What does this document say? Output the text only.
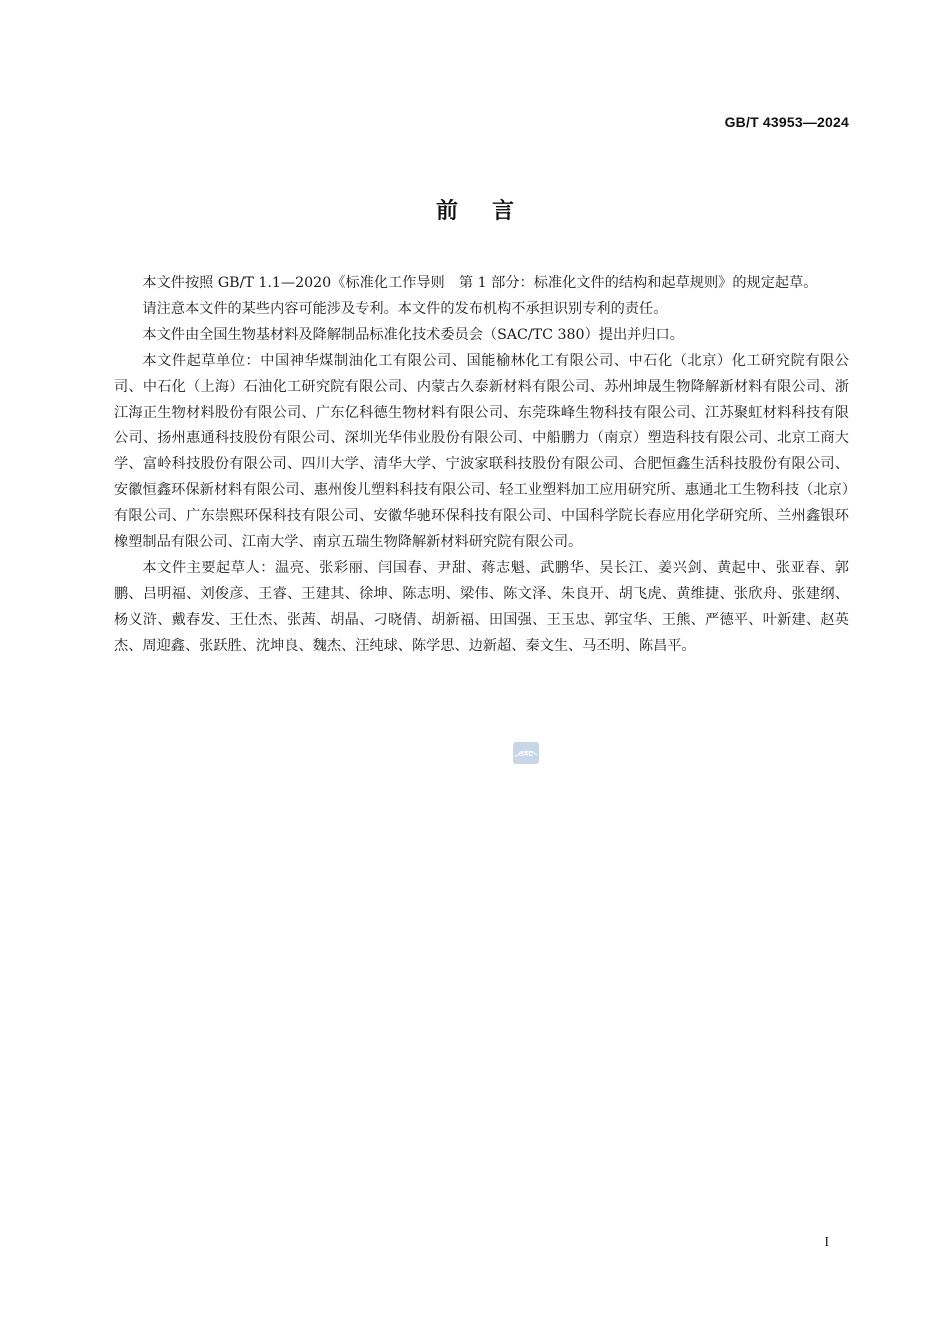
GB/T 43953—2024
前言

本文件按照 GB/T 1.1—2020《标准化工作导则　第 1 部分：标准化文件的结构和起草规则》的规定起草。

请注意本文件的某些内容可能涉及专利。本文件的发布机构不承担识别专利的责任。

本文件由全国生物基材料及降解制品标准化技术委员会（SAC/TC 380）提出并归口。

本文件起草单位：中国神华煤制油化工有限公司、国能榆林化工有限公司、中石化（北京）化工研究院有限公司、中石化（上海）石油化工研究院有限公司、内蒙古久泰新材料有限公司、苏州坤晟生物降解新材料有限公司、浙江海正生物材料股份有限公司、广东亿科德生物材料有限公司、东莞珠峰生物科技有限公司、江苏聚虹材料科技有限公司、扬州惠通科技股份有限公司、深圳光华伟业股份有限公司、中船鹏力（南京）塑造科技有限公司、北京工商大学、富岭科技股份有限公司、四川大学、清华大学、宁波家联科技股份有限公司、合肥恒鑫生活科技股份有限公司、安徽恒鑫环保新材料有限公司、惠州俊儿塑料科技有限公司、轻工业塑料加工应用研究所、惠通北工生物科技（北京）有限公司、广东崇熙环保科技有限公司、安徽华驰环保科技有限公司、中国科学院长春应用化学研究所、兰州鑫银环橡塑制品有限公司、江南大学、南京五瑞生物降解新材料研究院有限公司。

本文件主要起草人：温亮、张彩丽、闫国春、尹甜、蒋志魁、武鹏华、吴长江、姜兴剑、黄起中、张亚春、郭鹏、吕明福、刘俊彦、王睿、王建其、徐坤、陈志明、梁伟、陈文泽、朱良开、胡飞虎、黄维捷、张欣舟、张建纲、杨义浒、戴春发、王仕杰、张茜、胡晶、刁晓倩、胡新福、田国强、王玉忠、郭宝华、王熊、严德平、叶新建、赵英杰、周迎鑫、张跃胜、沈坤良、魏杰、汪纯球、陈学思、边新超、秦文生、马丕明、陈昌平。

SAC
I
